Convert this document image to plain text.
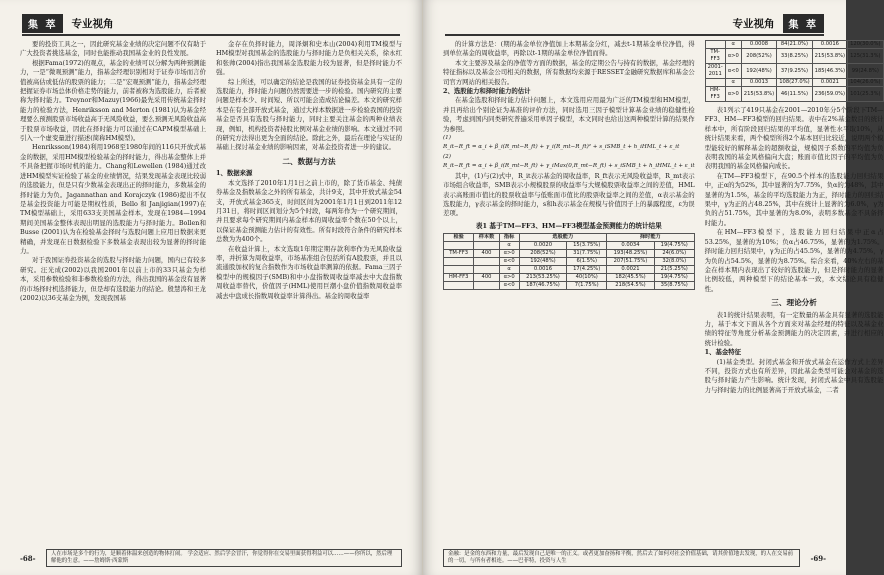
集 萃	专业视角

要的投资工具之一，因此研究基金业绩的决定问题不仅有助于广大投资者挑选基金，同时也能推动我国基金业的良性发展。

根据Fama(1972)的观点，基金的业绩可以分解为两种预测能力，一是“微观预测”能力，指基金经理识别相对于证券市场而言价值被高估或低估的股票的能力；二是“宏观预测”能力，指基金经理把握证券市场总体价格走势的能力，前者被称为选股能力，后者被称为择时能力。Treynor和Mazuy(1966)最先采用传统基金择时能力的检验方法，Henriksson and Merton (1981)认为基金经理要么预测股票市场收益高于无风险收益，要么预测无风险收益高于股票市场收益，因此在择时能力可以通过在CAPM模型基础上引入一个虚变量进行描述(简称HM模型)。

Henriksson(1984)利用1968至1980年间的116只开放式基金的数据，采用HM模型检验基金的择时能力，得出基金整体上并不具备把握市场时机的能力。Chang和Lewellen (1984)通过改进HM模型实证检验了基金的业绩情况，结果发现基金表现比较弱的选股能力，但是只有少数基金表现出正的择时能力，多数基金的择时能力为负。Jagannathan and Korajczyk (1986)提出不仅是基金投资能力可能是期权性质，Bello 和 Janjigian(1997)在TM模型基础上，采用633支美国基金样本，发现在1984—1994期间美国基金整体表现出明显的选股能力与择时能力。Bollen和Busse (2001)认为在检验基金择时与选股问题上应用日数据来更精确，并发现在日数据检验下多数基金表现出较为显著的择时能力。

对于我国证券投资基金的选股与择时能力问题，国内已有较多研究。汪光成(2002)以我国2001年以前上市的33只基金为样本，采用参数检验和非参数检验的方法，得出我国的基金没有显著的市场择时机选择能力，但是却有选股能力的结论。殷慧涛和王龙(2002)以36支基金为例，发现我国基

金存在负择时能力，周泽炯和史本山(2004)利用TM模型与HM模型对我国基金的选股能力与择时能力是负相关关系，徐永红和张帅(2004)指出我国基金选股能力较为显著，但是择时能力不强。

综上所述，可以确定的结论是我国的证券投资基金具有一定的选股能力，择时能力问题仍然需要进一步的检验。国内研究的主要问题是样本少、时间短、所以可能会造成结论偏差。本文的研究样本是在有全部开放式基金，通过大样本数据进一步检验我国的投资基金是否具有选股与择时能力，同时主要关注基金的两种业绩表现，例如，机构投资者持股比例对基金业绩的影响。本文通过不同的研究方法得出更为全面的结论。除此之外，最后在理论与实证的基础上探讨基金业绩的影响因素，对基金投资者进一步的建议。

二、数据与方法

1、数据来源

本文选择了2010年1月1日之前上市的，除了货币基金、纯债券基金及指数基金之外的所有基金，共计9支，其中开放式基金54支，开放式基金365支，时间区间为2001年1月1日到2011年12月31日，将时间区间划分为5个时段，每两年作为一个研究期间，并且要求每个研究期间内基金样本的周收益率个数在50个以上，以保证基金预测能力估计的有效性。所有时段符合条件的研究样本总数为为400个。

在收益计算上，本文选取1年期定期存款利率作为无风险收益率，并折算为周收益率，市场基准组合包括所有A股股票，并且以流通股加权的复合指数作为市场收益率测算的依据。Fama三因子模型中的规模因子(SMB)和中小盘指数周收益率减去中大盘指数周收益率替代，价值因子(HML)使用巨潮小盘价值指数周收益率减去中盘成长指数周收益率计算得出。基金的周收益率

-68-	人在市场是多个的行为，是顺着体温来创造的物体打闹。 学会适应、然后学会冒汗，你觉得你在交易里面获得利益可以……——你所以，然后理解他的生意。——詹姆斯·西蒙斯
专业视角	集 萃

的计算方法是：(期的基金单位净值加上本期基金分红，减去t-1期基金单位净值，得到单位基金的周收益率，再除以t-1期的基金单位净值而得。

本文主要涉及基金的净值等方面的数据，基金的定期公告与持有的数据，基金经理的特征指标以及基金公司相关的数据，所有数据均来源于RESSET金融研究数据库和基金公司官方网站的相关报告。

2、选股能力和择时能力的估计

在基金选股和择时能力估计问题上，本文选用应用最为广泛的TM模型和HM模型，并且再给出个别论证为基准的评价方法，同时选用三因子模型计算基金业绩的稳健性检验，考虑到国内同类研究普遍采用单因子模型，本文同时也给出这两种模型计算的结果作为参照。

(1)

R_it−R_ft = α_i + β_i(R_mt−R_ft) + γ_i(R_mt−R_ft)² + s_iSMB_t + h_iHML_t + ε_it

(2)

R_it−R_ft = α_i + β_i(R_mt−R_ft) + γ_iMax(0,R_mt−R_ft) + s_iSMB_t + h_iHML_t + ε_it

其中，(1)与(2)式中，R_it表示基金的周收益率，R_ft表示无风险收益率，R_mt表示市场组合收益率，SMB表示小规模股票的收益率与大规模股票收益率之间的差值，HML表示高账面市值比的股票收益率与低账面市值比的股票收益率之间的差值，α表示基金的选股能力，γ表示基金的择时能力，s和h表示基金在规模与价值因子上的暴露程度，ε为误差项。

表1 基于TM—FF3、HM—FF3模型基金预测能力的统计结果
检验	样本数	指标	选股能力		择时能力	
		α	0.0020	15(3.75%)	0.0034	19(4.75%)
TM-FF3	400	α>0	208(52%)	31(7.75%)	193(48.25%)	24(6.0%)
		α<0	192(48%)	6(1.5%)	207(51.75%)	32(8.0%)
		α	0.0016	17(4.25%)	0.0021	21(5.25%)
HM-FF3	400	α>0	213(53.25%)	40(10%)	182(45.5%)	19(4.75%)
		α<0	187(46.75%)	7(1.75%)	218(54.5%)	35(8.75%)
	α	0.0008	84(21.0%)	0.0016	120(30.0%)
TM-FF3	α>0	208(52%)	33(8.25%)	215(53.8%)	125(31.3%)
2001-2011	α<0	192(48%)	37(9.25%)	185(46.3%)	99(24.8%)
	α	0.0013	108(27.0%)	0.0021	104(26.0%)
HM-FF3	α>0	215(53.8%)	46(11.5%)	236(59.0%)	101(25.3%)

表1列示了419只基金在2001—2010年分5个阶段下TM—FF3、HM—FF3模型的回归结果。表中在2%基金数目的统计样本中，所有阶段回归结果的平均值，显著性水平取10%，从统计结果来看，两个模型所得2个基本回归比较近，说明两个模型能较好的解释基金的超额收益，规模因子系数的平均值为负表明我国的基金风格偏向大盘；账面市值比因子的平均值为负表明我国的基金风格偏向成长。

在TM—FF3模型下，在90.5个样本的选股能力回归结果中，正α的为52%，其中显著的为7.75%，负α的为48%，其中显著的为1.5%，基金的平均选股能力为正，择时能力的回归结果中，γ为正的占48.25%，其中在统计上显著的为6.0%，γ为负的占51.75%，其中显著的为8.0%，表明多数基金不具备择时能力。

在HM—FF3模型下，选股能力回归结果中正α占53.25%，显著的为10%；负α占46.75%，显著的为1.75%。择时能力回归结果中，γ为正的占45.5%，显著的为4.75%，γ为负的占54.5%，显著的为8.75%。综合来看，40%左右的基金在样本期内表现出了较好的选股能力，但是择时能力的显著比例较低，两种模型下的结论基本一致，本文结论具有稳健性。

三、理论分析

表1的统计结果表明，有一定数量的基金具有显著的选股能力，基于本文下面从各个方面来对基金经理的特征以及基金业绩的特征等角度分析基金预测能力的决定因素，并进行相应的统计检验。

1、基金特征

(1)基金类型。封闭式基金和开放式基金在运作方式上差异不同，投资方式也有所差异，因此基金类型可能会对基金的选股与择时能力产生影响。统计发现，封闭式基金中具有选股能力与择时能力的比例显著高于开放式基金，二者

金融：是金的东西和力量，最后发现自己是唯一的正义。或者更加奋扬和平衡，然后去了如何对社会价值基础，请其价值地去发现，的人在交易前的一切，与所有者相连。——巴菲特，投资与人生	-69-
